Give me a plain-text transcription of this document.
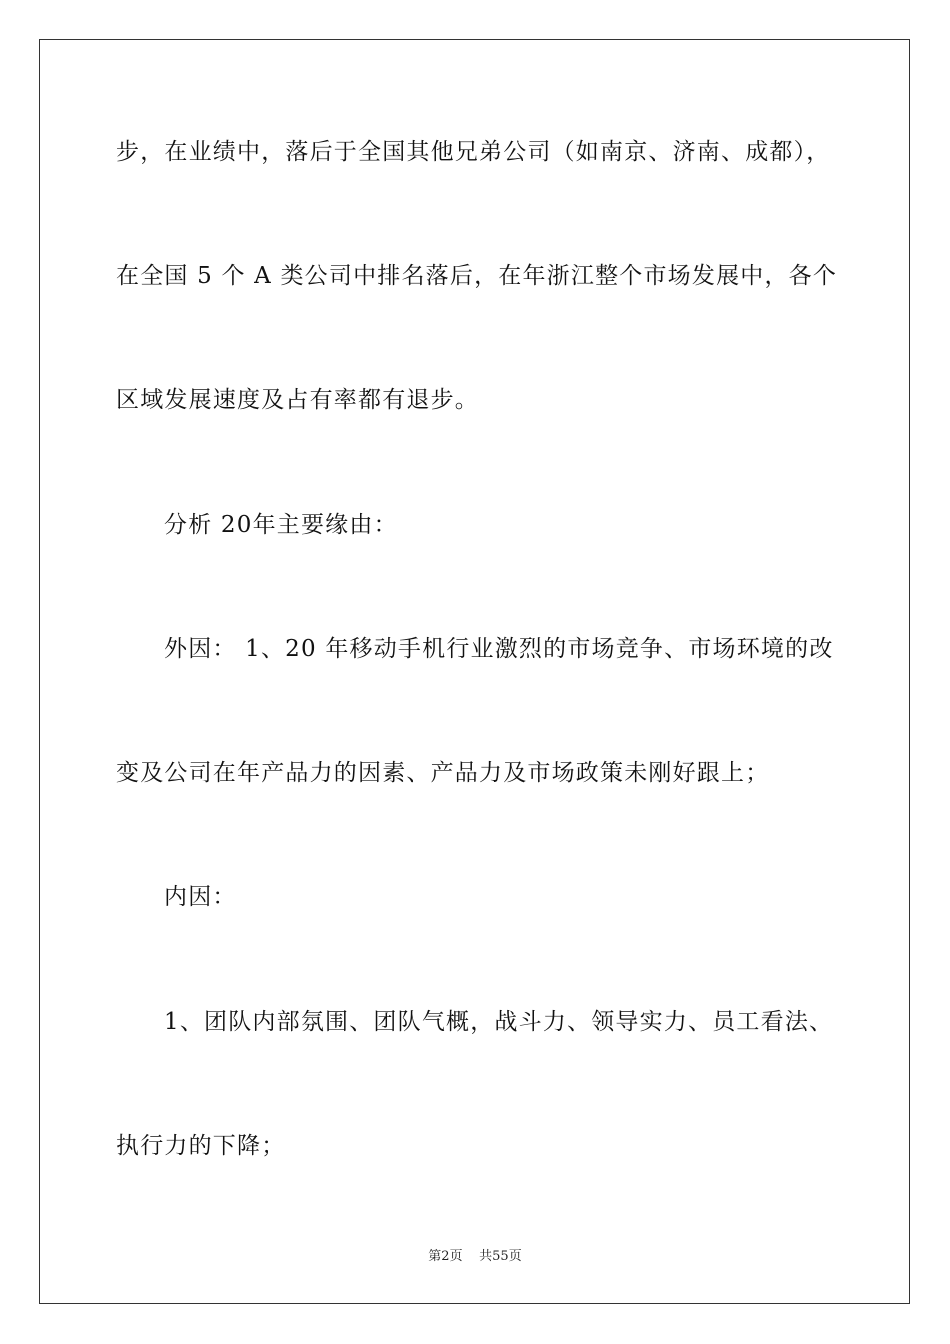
步，在业绩中，落后于全国其他兄弟公司（如南京、济南、成都），
在全国 5 个 A 类公司中排名落后，在年浙江整个市场发展中，各个
区域发展速度及占有率都有退步。
分析 20年主要缘由：
外因： 1、20 年移动手机行业激烈的市场竞争、市场环境的改
变及公司在年产品力的因素、产品力及市场政策未刚好跟上；
内因：
1、团队内部氛围、团队气概，战斗力、领导实力、员工看法、
执行力的下降；
第2页 共55页
